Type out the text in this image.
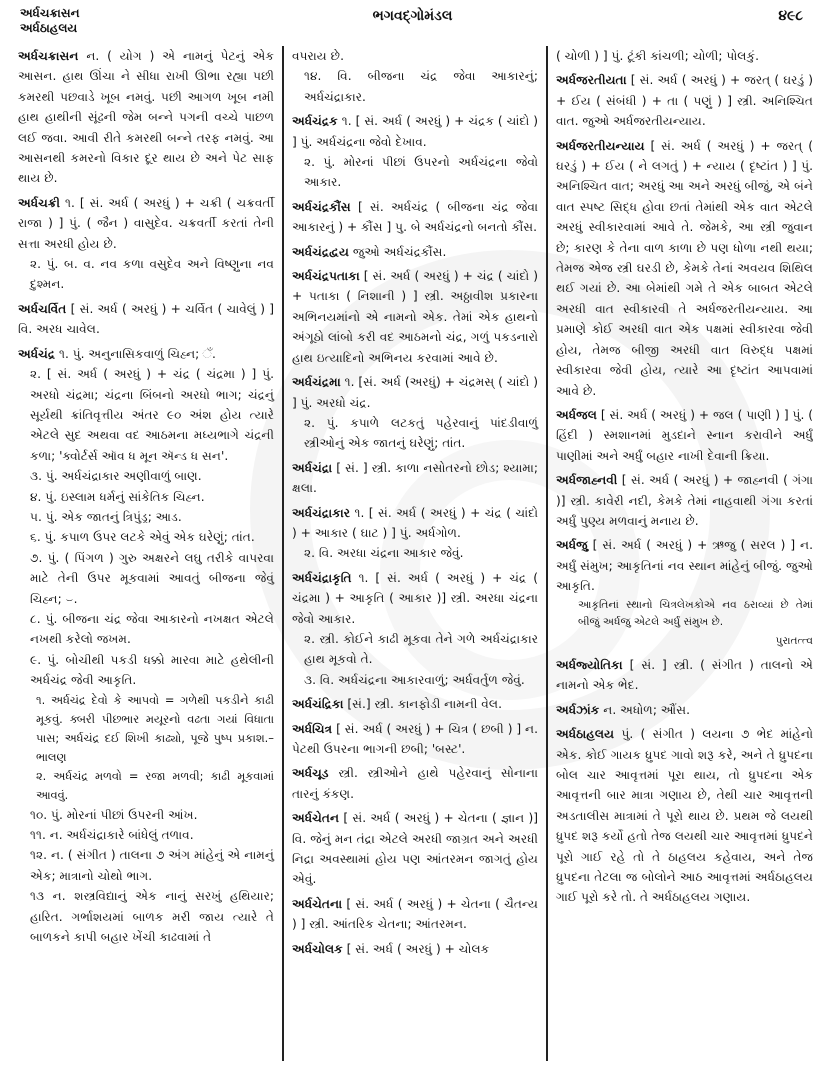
અર્ધચક્રાસન
અર્ધઠાહલય
ભગવદ્ગોમંડલ	૪૯૮
અર્ધચક્રાસન ન. ( યોગ ) એ નામનું પેટનું એક આસન. હાથ ઊંચા ને સીધા રાખી ઊભા રહ્યા પછી કમરથી પછવાડે ખૂબ નમવું. પછી આગળ ખૂબ નમી હાથ હાથીની સૂંઢની જેમ બન્ને પગની વચ્ચે પાછળ લઈ જવા. આવી રીતે કમરથી બન્ને તરફ નમવું. આ આસનથી કમરનો વિકાર દૂર થાય છે અને પેટ સાફ થાય છે.
અર્ધચક્રી ૧. [ સં. અર્ધ ( અરધું ) + ચક્રી ( ચક્રવર્તી રાજા ) ] પું. ( જૈન ) વાસુદેવ. ચક્રવર્તી કરતાં તેની સત્તા અરધી હોય છે.
૨. પું. બ. વ. નવ કળા વસુદેવ અને વિષ્ણુના નવ દુશ્મન.
અર્ધચર્વિત [ સં. અર્ધ ( અરધું ) + ચર્વિત ( ચાવેલું ) ] વિ. અરધ ચાવેલ.
અર્ધચંદ્ર ૧. પું. અનુનાસિકવાળું ચિહ્ન; ઁ.
૨. [ સં. અર્ધ ( અરધું ) + ચંદ્ર ( ચંદ્રમા ) ] પું. અરધો ચંદ્રમા; ચંદ્રના બિંબનો અરધો ભાગ; ચંદ્રનું સૂર્યથી ક્રાંતિવૃત્તીય અંતર ૯૦ અંશ હોય ત્યારે એટલે સુદ અથવા વદ આઠમના મધ્યભાગે ચંદ્રની કળા; 'ક્વોર્ટર્સ ઑવ ધ મૂન ઍન્ડ ધ સન'.
૩. પું. અર્ધચંદ્રાકાર અણીવાળું બાણ.
૪. પું. ઇસ્લામ ધર્મનું સાંકેતિક ચિહ્ન.
૫. પું. એક જાતનું ત્રિપુંડ્ર; આડ.
૬. પું. કપાળ ઉપર લટકે એવું એક ઘરેણું; તાંત.
૭. પું. ( પિંગળ ) ગુરુ અક્ષરને લઘુ તરીકે વાપરવા માટે તેની ઉપર મૂકવામાં આવતું બીજના જેવું ચિહ્ન; ⌣.
૮. પું. બીજના ચંદ્ર જેવા આકારનો નખક્ષત એટલે નખથી કરેલો જખમ.
૯. પું. બોચીથી પકડી ધક્કો મારવા માટે હથેલીની અર્ધચંદ્ર જેવી આકૃતિ.
૧. અર્ધચંદ્ર દેવો કે આપવો = ગળેથી પકડીને કાઢી મૂકવું. ક્બરી પીછભાર મયૂરનો વઢતા ગયાં વિધાતા પાસ; અર્ધચંદ્ર દઈ શિખી કાઢ્યો, પૂજે પુષ્પ પ્રકાશ.–ભાલણ
૨. અર્ધચંદ્ર મળવો = રજા મળવી; કાઢી મૂકવામાં આવવું.
૧૦. પું. મોરનાં પીછાં ઉપરની આંખ.
૧૧. ન. અર્ધચંદ્રાકારે બાંધેલું તળાવ.
૧૨. ન. ( સંગીત ) તાલના ૭ અંગ માંહેનું એ નામનું એક; માત્રાનો ચોથો ભાગ.
૧૩ ન. શસ્ત્રવિદ્યાનું એક નાનું સરખું હથિયાર; હારિત. ગર્ભાશયમાં બાળક મરી જાય ત્યારે તે બાળકને કાપી બહાર ખેંચી કાઢવામાં તે
વપરાય છે.
૧૪. વિ. બીજના ચંદ્ર જેવા આકારનું; અર્ધચંદ્રાકાર.
અર્ધચંદ્રક ૧. [ સં. અર્ધ ( અરધું ) + ચંદ્રક ( ચાંદો ) ] પું. અર્ધચંદ્રના જેવો દેખાવ.
૨. પું. મોરનાં પીછાં ઉપરનો અર્ધચંદ્રના જેવો આકાર.
અર્ધચંદ્રકૌંસ [ સં. અર્ધચંદ્ર ( બીજના ચંદ્ર જેવા આકારનું ) + કૌંસ ] પુ. બે અર્ધચંદ્રનો બનતો કૌંસ.
અર્ધચંદ્રદ્વય જુઓ અર્ધચંદ્રકૌંસ.
અર્ધચંદ્રપતાકા [ સં. અર્ધ ( અરધું ) + ચંદ્ર ( ચાંદો ) + પતાકા ( નિશાની ) ] સ્ત્રી. અઠ્ઠાવીશ પ્રકારના અભિનયમાંનો એ નામનો એક. તેમાં એક હાથનો અંગૂઠો લાંબો કરી વદ આઠમનો ચંદ્ર, ગળું પકડનારો હાથ ઇત્યાદિનો અભિનય કરવામાં આવે છે.
અર્ધચંદ્રમા ૧. [સં. અર્ધ (અરધું) + ચંદ્રમસ્ ( ચાંદો ) ] પું. અરધો ચંદ્ર.
૨. પું. કપાળે લટકતું પહેરવાનું પાંદડીવાળું સ્ત્રીઓનું એક જાતનું ઘરેણું; તાંત.
અર્ધચંદ્રા [ સં. ] સ્ત્રી. કાળા નસોતરનો છોડ; શ્યામા; ક્ષલા.
અર્ધચંદ્રાકાર ૧. [ સં. અર્ધ ( અરધું ) + ચંદ્ર ( ચાંદો ) + આકાર ( ઘાટ ) ] પું. અર્ધગોળ.
૨. વિ. અરધા ચંદ્રના આકાર જેવું.
અર્ધચંદ્રાકૃતિ ૧. [ સં. અર્ધ ( અરધું ) + ચંદ્ર ( ચંદ્રમા ) + આકૃતિ ( આકાર )] સ્ત્રી. અરધા ચંદ્રના જેવો આકાર.
૨. સ્ત્રી. કોઈને કાઢી મૂકવા તેને ગળે અર્ધચંદ્રાકાર હાથ મૂકવો તે.
૩. વિ. અર્ધચંદ્રના આકારવાળું; અર્ધવર્તુળ જેવું.
અર્ધચંદ્રિકા [સં.] સ્ત્રી. કાનફોડી નામની વેલ.
અર્ધચિત્ર [ સં. અર્ધ ( અરધું ) + ચિત્ર ( છબી ) ] ન. પેટથી ઉપરના ભાગની છબી; 'બસ્ટ'.
અર્ધચૂડ સ્ત્રી. સ્ત્રીઓને હાથે પહેરવાનું સોનાના તારનું કંકણ.
અર્ધચેતન [ સં. અર્ધ ( અરધું ) + ચેતના ( જ્ઞાન )] વિ. જેનું મન તંદ્રા એટલે અરધી જાગ્રત અને અરધી નિદ્રા અવસ્થામાં હોય પણ આંતરમન જાગતું હોય એવું.
અર્ધચેતના [ સં. અર્ધ ( અરધું ) + ચેતના ( ચૈતન્ય ) ] સ્ત્રી. આંતરિક ચેતના; આંતરમન.
અર્ધચોલક [ સં. અર્ધ ( અરધું ) + ચોલક
( ચોળી ) ] પું. ટૂંકી કાંચળી; ચોળી; પોલકું.
અર્ધજરતીયતા [ સં. અર્ધ ( અરધું ) + જરત્ ( ઘરડું ) + ઈય ( સંબંધી ) + તા ( પણું ) ] સ્ત્રી. અનિશ્ચિત વાત. જુઓ અર્ધજરતીયન્યાય.
અર્ધજરતીયન્યાય [ સં. અર્ધ ( અરધું ) + જરત્ ( ઘરડું ) + ઈય ( ને લગતું ) + ન્યાય ( દૃષ્ટાંત ) ] પું. અનિશ્ચિત વાત; અરધું આ અને અરધું બીજું, એ બંને વાત સ્પષ્ટ સિદ્ધ હોવા છતાં તેમાંથી એક વાત એટલે અરધું સ્વીકારવામાં આવે તે. જેમકે, આ સ્ત્રી જુવાન છે; કારણ કે તેના વાળ કાળા છે પણ ધોળા નથી થયા; તેમજ એજ સ્ત્રી ઘરડી છે, કેમકે તેનાં અવયવ શિથિલ થઈ ગયાં છે. આ બેમાંથી ગમે તે એક બાબત એટલે અરધી વાત સ્વીકારવી તે અર્ધજરતીયન્યાય. આ પ્રમાણે કોઈ અરધી વાત એક પક્ષમાં સ્વીકારવા જેવી હોય, તેમજ બીજી અરધી વાત વિરુદ્ધ પક્ષમાં સ્વીકારવા જેવી હોય, ત્યારે આ દૃષ્ટાંત આપવામાં આવે છે.
અર્ધજલ [ સં. અર્ધ ( અરધું ) + જલ ( પાણી ) ] પું. ( હિંદી ) સ્મશાનમાં મુડદાને સ્નાન કરાવીને અર્ધું પાણીમાં અને અર્ધું બહાર નાખી દેવાની ક્રિયા.
અર્ધજાહ્નવી [ સં. અર્ધ ( અરધું ) + જાહ્નવી ( ગંગા )] સ્ત્રી. કાવેરી નદી, કેમકે તેમાં નાહવાથી ગંગા કરતાં અર્ધું પુણ્ય મળવાનું મનાય છે.
અર્ધજુ [ સં. અર્ધ ( અરધું ) + ઋજુ ( સરલ ) ] ન. અર્ધું સંમુખ; આકૃતિનાં નવ સ્થાન માંહેનું બીજું. જુઓ આકૃતિ.
આકૃતિનાં સ્થાનો ચિત્રલેખકોએ નવ ઠરાવ્યાં છે તેમાં બીજું અર્ધજુ એટલે અર્ધું સંમુખ છે.
પુરાતત્ત્વ
અર્ધજ્યોતિકા [ સં. ] સ્ત્રી. ( સંગીત ) તાલનો એ નામનો એક ભેદ.
અર્ધઝાંક ન. અધોળ; ઔંસ.
અર્ધઠાહલય પું. ( સંગીત ) લયના ૭ ભેદ માંહેનો એક. કોઈ ગાયક ધ્રુપદ ગાવો શરૂ કરે, અને તે ધ્રુપદના બોલ ચાર આવૃત્તમાં પૂરા થાય, તો ધ્રુપદના એક આવૃત્તની બાર માત્રા ગણાય છે, તેથી ચાર આવૃત્તની અડતાલીસ માત્રામાં તે પૂરો થાય છે. પ્રથમ જે લયથી ધ્રુપદ શરૂ કર્યો હતો તેજ લયથી ચાર આવૃત્તમાં ધ્રુપદને પૂરો ગાઈ રહે તો તે ઠાહલય કહેવાય, અને તેજ ધ્રુપદના તેટલા જ બોલોને આઠ આવૃત્તમાં અર્ધઠાહલય ગાઈ પૂરો કરે તો. તે અર્ધઠાહલય ગણાય.
